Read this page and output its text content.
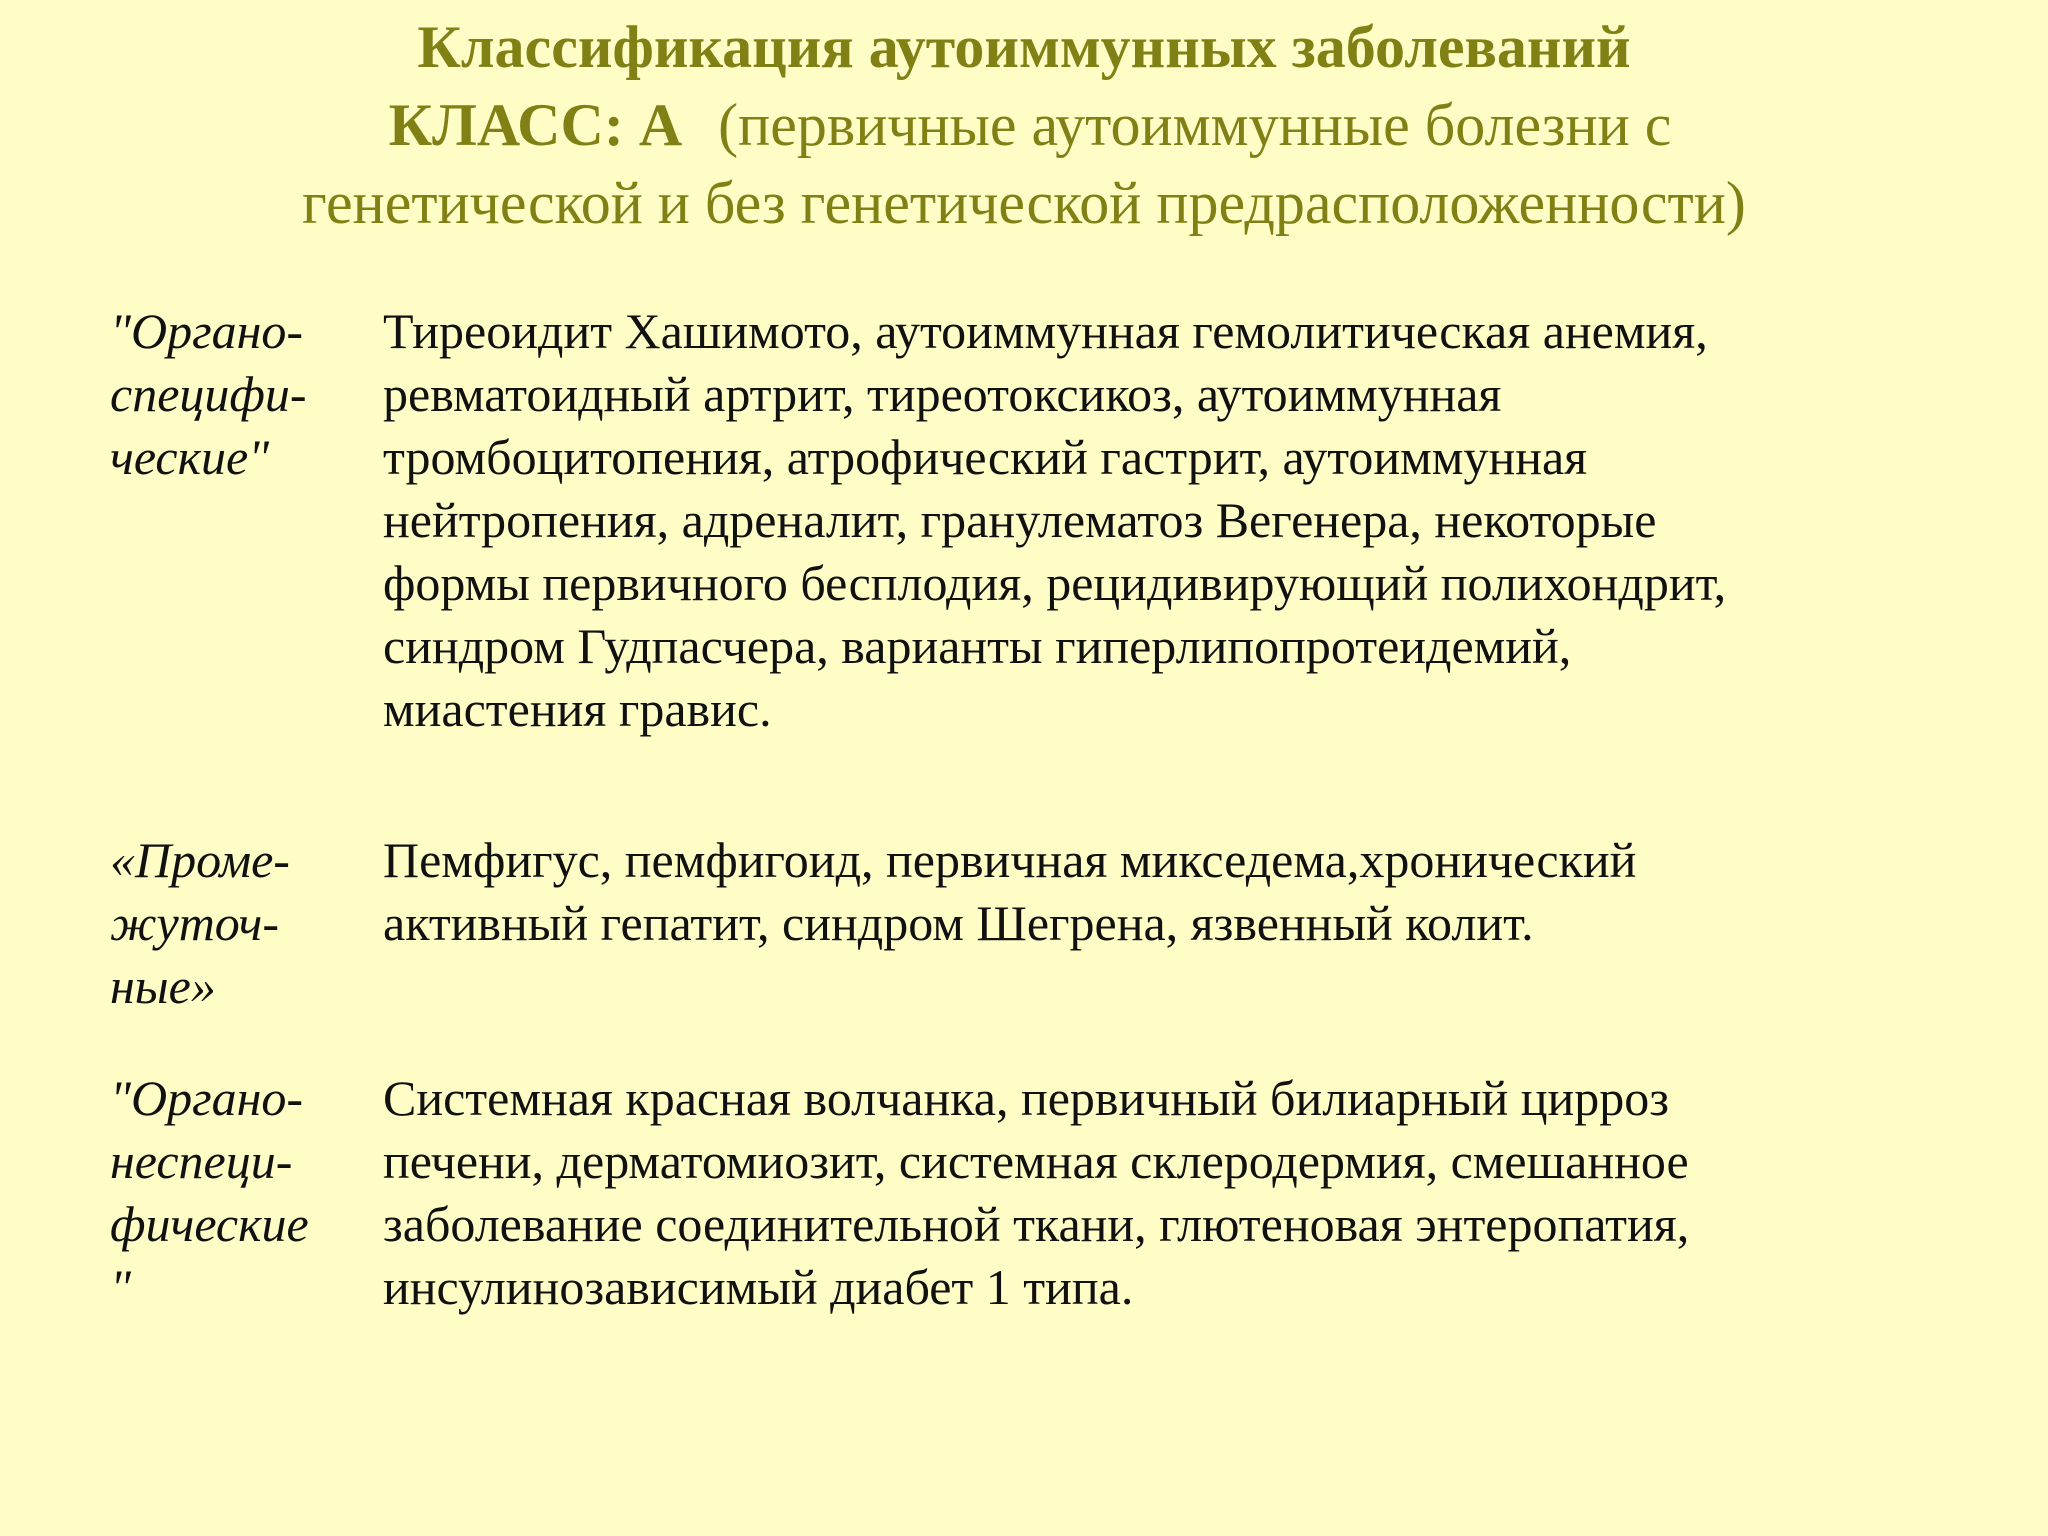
Классификация аутоиммунных заболеваний
КЛАСС: А (первичные аутоиммунные болезни с
генетической и без генетической предрасположенности)
"Органо-
специфи-
ческие"
Тиреоидит Хашимото, аутоиммунная гемолитическая анемия,
ревматоидный артрит, тиреотоксикоз, аутоиммунная
тромбоцитопения, атрофический гастрит, аутоиммунная
нейтропения, адреналит, гранулематоз Вегенера, некоторые
формы первичного бесплодия, рецидивирующий полихондрит,
синдром Гудпасчера, варианты гиперлипопротеидемий,
миастения гравис.
«Проме-
жуточ-
ные»
Пемфигус, пемфигоид, первичная микседема,хронический
активный гепатит, синдром Шегрена, язвенный колит.
"Органо-
неспеци-
фические
"
Системная красная волчанка, первичный билиарный цирроз
печени, дерматомиозит, системная склеродермия, смешанное
заболевание соединительной ткани, глютеновая энтеропатия,
инсулинозависимый диабет 1 типа.
